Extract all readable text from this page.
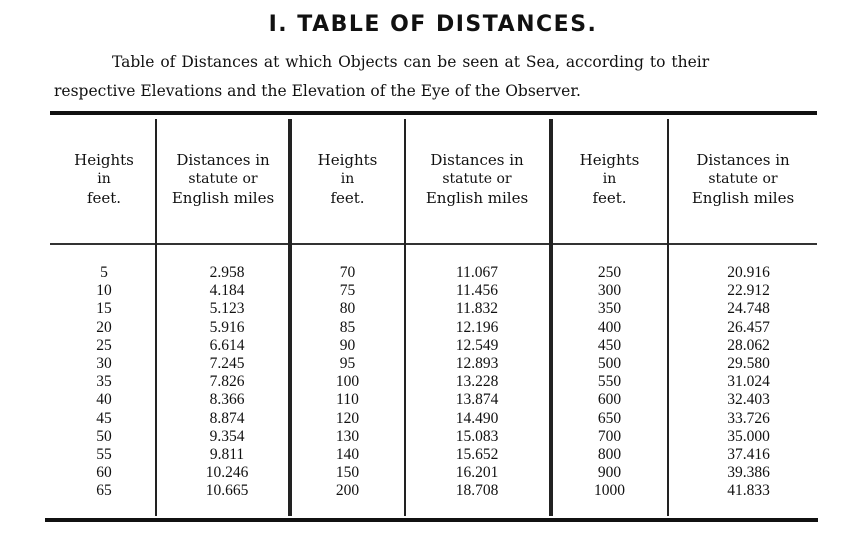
I. TABLE OF DISTANCES.
Table of Distances at which Objects can be seen at Sea, according to their
respective Elevations and the Elevation of the Eye of the Observer.
Heights
in
feet.
Distances in
statute or
English miles
Heights
in
feet.
Distances in
statute or
English miles
Heights
in
feet.
Distances in
statute or
English miles
5
10
15
20
25
30
35
40
45
50
55
60
65
2.958
4.184
5.123
5.916
6.614
7.245
7.826
8.366
8.874
9.354
9.811
10.246
10.665
70
75
80
85
90
95
100
110
120
130
140
150
200
11.067
11.456
11.832
12.196
12.549
12.893
13.228
13.874
14.490
15.083
15.652
16.201
18.708
250
300
350
400
450
500
550
600
650
700
800
900
1000
20.916
22.912
24.748
26.457
28.062
29.580
31.024
32.403
33.726
35.000
37.416
39.386
41.833
